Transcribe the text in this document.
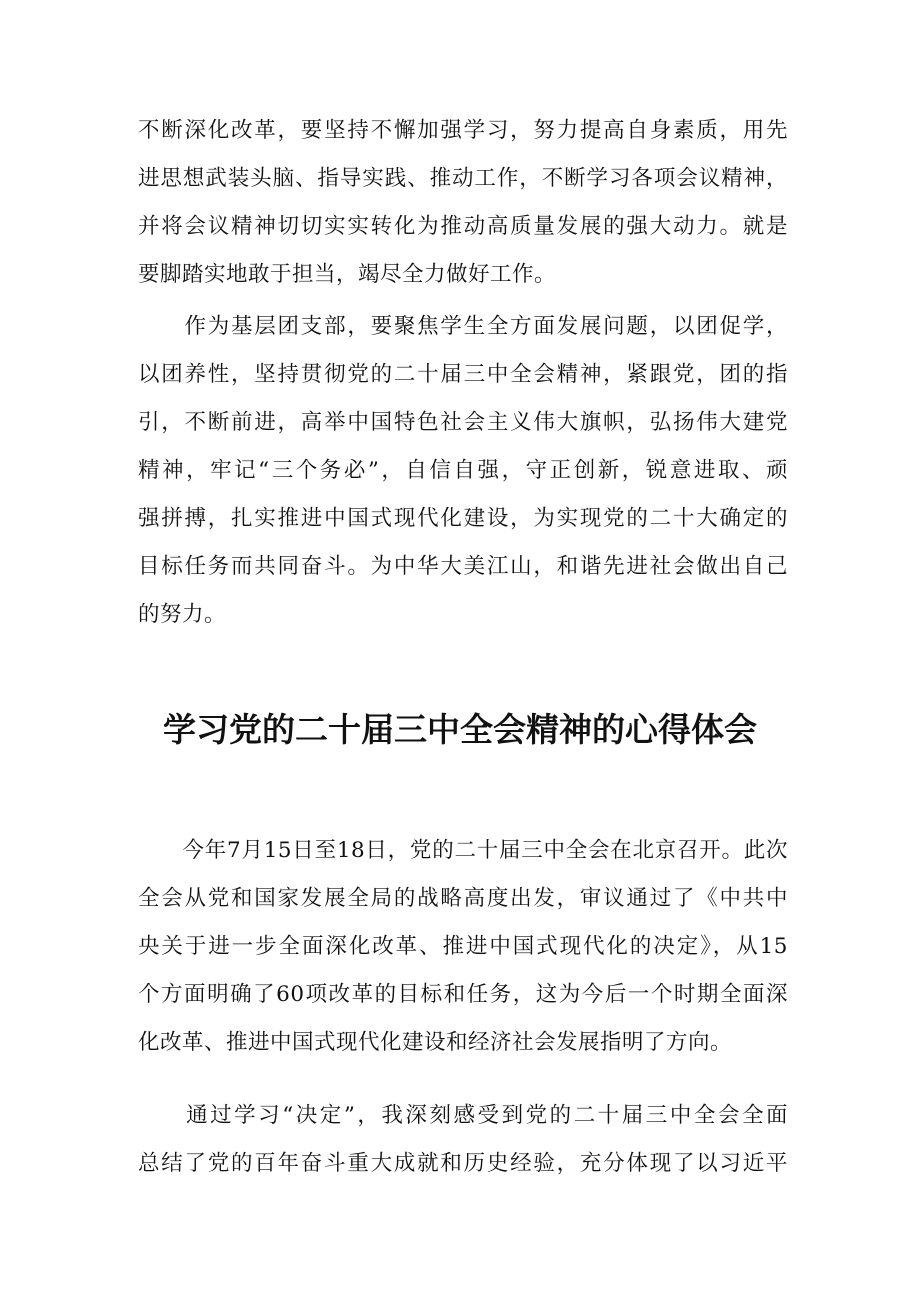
不断深化改革，要坚持不懈加强学习，努力提高自身素质，用先
进思想武装头脑、指导实践、推动工作，不断学习各项会议精神，
并将会议精神切切实实转化为推动高质量发展的强大动力。就是
要脚踏实地敢于担当，竭尽全力做好工作。
　　作为基层团支部，要聚焦学生全方面发展问题，以团促学，
以团养性，坚持贯彻党的二十届三中全会精神，紧跟党，团的指
引，不断前进，高举中国特色社会主义伟大旗帜，弘扬伟大建党
精神，牢记“三个务必”，自信自强，守正创新，锐意进取、顽
强拼搏，扎实推进中国式现代化建设，为实现党的二十大确定的
目标任务而共同奋斗。为中华大美江山，和谐先进社会做出自己
的努力。
学习党的二十届三中全会精神的心得体会
　　今年7月15日至18日，党的二十届三中全会在北京召开。此次
全会从党和国家发展全局的战略高度出发，审议通过了《中共中
央关于进一步全面深化改革、推进中国式现代化的决定》，从15
个方面明确了60项改革的目标和任务，这为今后一个时期全面深
化改革、推进中国式现代化建设和经济社会发展指明了方向。
　　通过学习“决定”，我深刻感受到党的二十届三中全会全面
总结了党的百年奋斗重大成就和历史经验，充分体现了以习近平
